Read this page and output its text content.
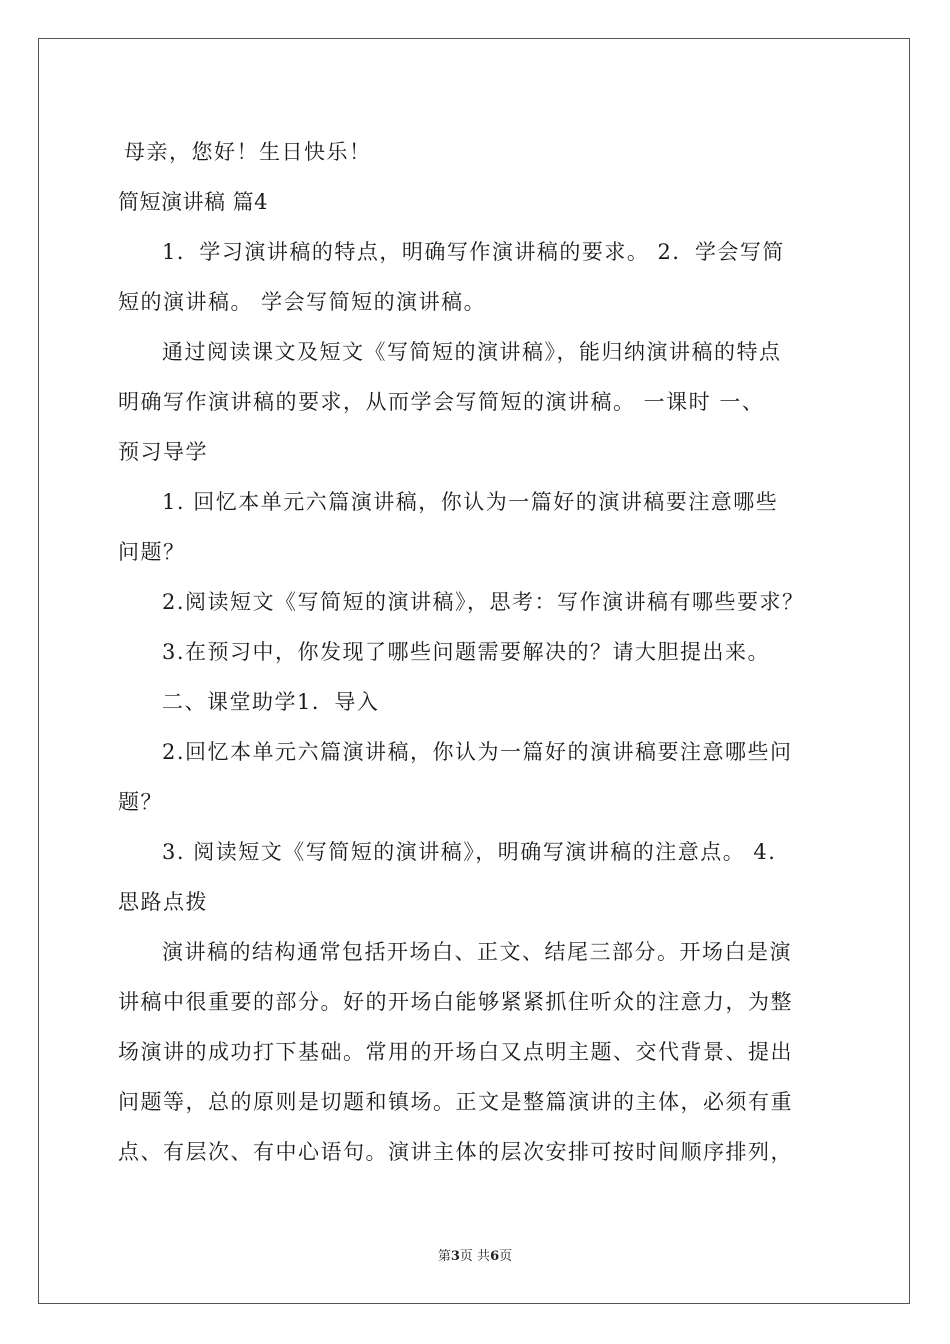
母亲，您好！生日快乐！
简短演讲稿 篇4
1．学习演讲稿的特点，明确写作演讲稿的要求。 2．学会写简
短的演讲稿。 学会写简短的演讲稿。
通过阅读课文及短文《写简短的演讲稿》，能归纳演讲稿的特点
明确写作演讲稿的要求，从而学会写简短的演讲稿。 一课时 一、
预习导学
1. 回忆本单元六篇演讲稿，你认为一篇好的演讲稿要注意哪些
问题？
2.阅读短文《写简短的演讲稿》，思考：写作演讲稿有哪些要求？
3.在预习中，你发现了哪些问题需要解决的？请大胆提出来。
二、课堂助学1．导入
2.回忆本单元六篇演讲稿，你认为一篇好的演讲稿要注意哪些问
题？
3. 阅读短文《写简短的演讲稿》，明确写演讲稿的注意点。 4.
思路点拨
演讲稿的结构通常包括开场白、正文、结尾三部分。开场白是演
讲稿中很重要的部分。好的开场白能够紧紧抓住听众的注意力，为整
场演讲的成功打下基础。常用的开场白又点明主题、交代背景、提出
问题等，总的原则是切题和镇场。正文是整篇演讲的主体，必须有重
点、有层次、有中心语句。演讲主体的层次安排可按时间顺序排列，
第3页 共6页
